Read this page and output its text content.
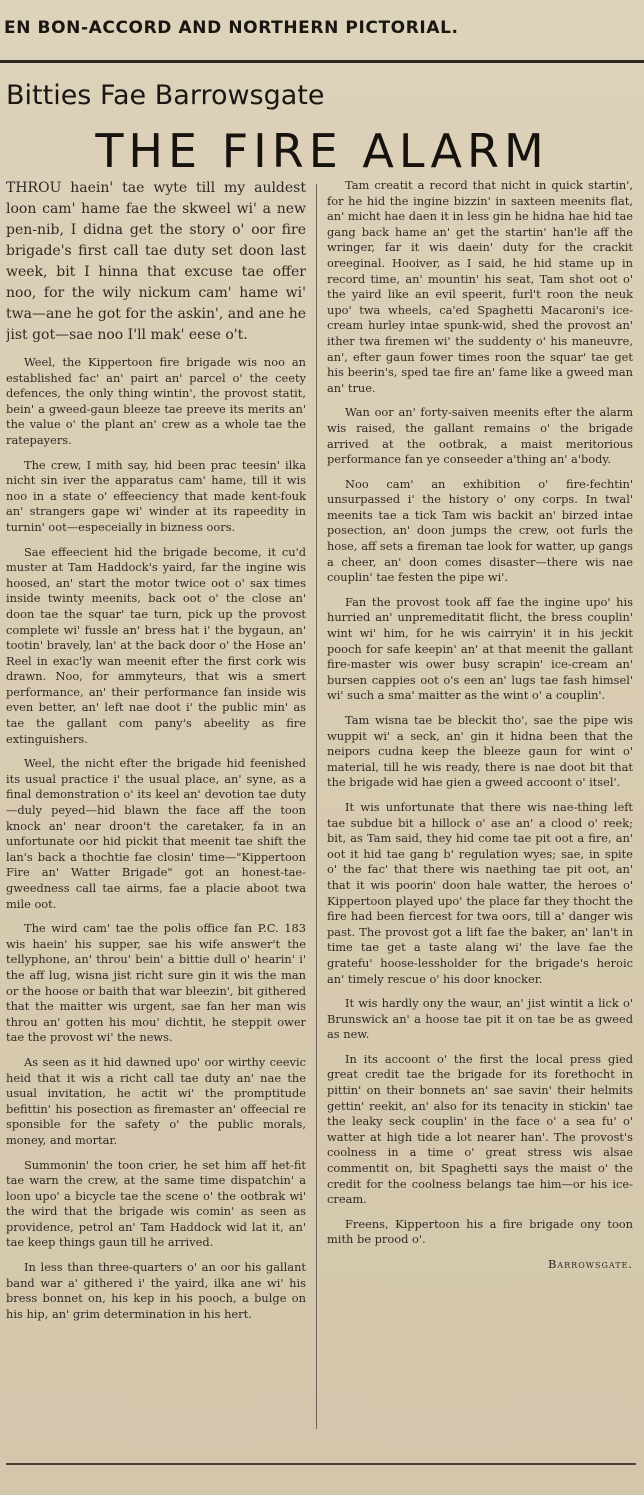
EN BON-ACCORD AND NORTHERN PICTORIAL.
Bitties Fae Barrowsgate
THE FIRE ALARM

THROU haein' tae wyte till my auldest loon cam' hame fae the skweel wi' a new pen-nib, I didna get the story o' oor fire brigade's first call tae duty set doon last week, bit I hinna that excuse tae offer noo, for the wily nickum cam' hame wi' twa—ane he got for the askin', and ane he jist got—sae noo I'll mak' eese o't.

Weel, the Kippertoon fire brigade wis noo an established fac' an' pairt an' parcel o' the ceety defences, the only thing wintin', the provost statit, bein' a gweed-gaun bleeze tae preeve its merits an' the value o' the plant an' crew as a whole tae the ratepayers.

The crew, I mith say, hid been prac teesin' ilka nicht sin iver the apparatus cam' hame, till it wis noo in a state o' effeeciency that made kent-fouk an' strangers gape wi' winder at its rapeedity in turnin' oot—especeially in bizness oors.

Sae effeecient hid the brigade become, it cu'd muster at Tam Haddock's yaird, far the ingine wis hoosed, an' start the motor twice oot o' sax times inside twinty meenits, back oot o' the close an' doon tae the squar' tae turn, pick up the provost complete wi' fussle an' bress hat i' the bygaun, an' tootin' bravely, lan' at the back door o' the Hose an' Reel in exac'ly wan meenit efter the first cork wis drawn. Noo, for ammyteurs, that wis a smert performance, an' their performance fan inside wis even better, an' left nae doot i' the public min' as tae the gallant com pany's abeelity as fire extinguishers.

Weel, the nicht efter the brigade hid feenished its usual practice i' the usual place, an' syne, as a final demonstration o' its keel an' devotion tae duty—duly peyed—hid blawn the face aff the toon knock an' near droon't the caretaker, fa in an unfortunate oor hid pickit that meenit tae shift the lan's back a thochtie fae closin' time—"Kippertoon Fire an' Watter Brigade" got an honest-tae-gweedness call tae airms, fae a placie aboot twa mile oot.

The wird cam' tae the polis office fan P.C. 183 wis haein' his supper, sae his wife answer't the tellyphone, an' throu' bein' a bittie dull o' hearin' i' the aff lug, wisna jist richt sure gin it wis the man or the hoose or baith that war bleezin', bit githered that the maitter wis urgent, sae fan her man wis throu an' gotten his mou' dichtit, he steppit ower tae the provost wi' the news.

As seen as it hid dawned upo' oor wirthy ceevic heid that it wis a richt call tae duty an' nae the usual invitation, he actit wi' the promptitude befittin' his posection as firemaster an' offeecial re sponsible for the safety o' the public morals, money, and mortar.

Summonin' the toon crier, he set him aff het-fit tae warn the crew, at the same time dispatchin' a loon upo' a bicycle tae the scene o' the ootbrak wi' the wird that the brigade wis comin' as seen as providence, petrol an' Tam Haddock wid lat it, an' tae keep things gaun till he arrived.

In less than three-quarters o' an oor his gallant band war a' githered i' the yaird, ilka ane wi' his bress bonnet on, his kep in his pooch, a bulge on his hip, an' grim determination in his hert.

Tam creatit a record that nicht in quick startin', for he hid the ingine bizzin' in saxteen meenits flat, an' micht hae daen it in less gin he hidna hae hid tae gang back hame an' get the startin' han'le aff the wringer, far it wis daein' duty for the crackit oreeginal. Hooiver, as I said, he hid stame up in record time, an' mountin' his seat, Tam shot oot o' the yaird like an evil speerit, furl't roon the neuk upo' twa wheels, ca'ed Spaghetti Macaroni's ice-cream hurley intae spunk-wid, shed the provost an' ither twa firemen wi' the suddenty o' his maneuvre, an', efter gaun fower times roon the squar' tae get his beerin's, sped tae fire an' fame like a gweed man an' true.

Wan oor an' forty-saiven meenits efter the alarm wis raised, the gallant remains o' the brigade arrived at the ootbrak, a maist meritorious performance fan ye conseeder a'thing an' a'body.

Noo cam' an exhibition o' fire-fechtin' unsurpassed i' the history o' ony corps. In twal' meenits tae a tick Tam wis backit an' birzed intae posection, an' doon jumps the crew, oot furls the hose, aff sets a fireman tae look for watter, up gangs a cheer, an' doon comes disaster—there wis nae couplin' tae festen the pipe wi'.

Fan the provost took aff fae the ingine upo' his hurried an' unpremeditatit flicht, the bress couplin' wint wi' him, for he wis cairryin' it in his jeckit pooch for safe keepin' an' at that meenit the gallant fire-master wis ower busy scrapin' ice-cream an' bursen cappies oot o's een an' lugs tae fash himsel' wi' such a sma' maitter as the wint o' a couplin'.

Tam wisna tae be bleckit tho', sae the pipe wis wuppit wi' a seck, an' gin it hidna been that the neipors cudna keep the bleeze gaun for wint o' material, till he wis ready, there is nae doot bit that the brigade wid hae gien a gweed accoont o' itsel'.

It wis unfortunate that there wis nae-thing left tae subdue bit a hillock o' ase an' a clood o' reek; bit, as Tam said, they hid come tae pit oot a fire, an' oot it hid tae gang b' regulation wyes; sae, in spite o' the fac' that there wis naething tae pit oot, an' that it wis poorin' doon hale watter, the heroes o' Kippertoon played upo' the place far they thocht the fire had been fiercest for twa oors, till a' danger wis past. The provost got a lift fae the baker, an' lan't in time tae get a taste alang wi' the lave fae the gratefu' hoose-lessholder for the brigade's heroic an' timely rescue o' his door knocker.

It wis hardly ony the waur, an' jist wintit a lick o' Brunswick an' a hoose tae pit it on tae be as gweed as new.

In its accoont o' the first the local press gied great credit tae the brigade for its forethocht in pittin' on their bonnets an' sae savin' their helmits gettin' reekit, an' also for its tenacity in stickin' tae the leaky seck couplin' in the face o' a sea fu' o' watter at high tide a lot nearer han'. The provost's coolness in a time o' great stress wis alsae commentit on, bit Spaghetti says the maist o' the credit for the coolness belangs tae him—or his ice-cream.

Freens, Kippertoon his a fire brigade ony toon mith be prood o'.

Barrowsgate.
